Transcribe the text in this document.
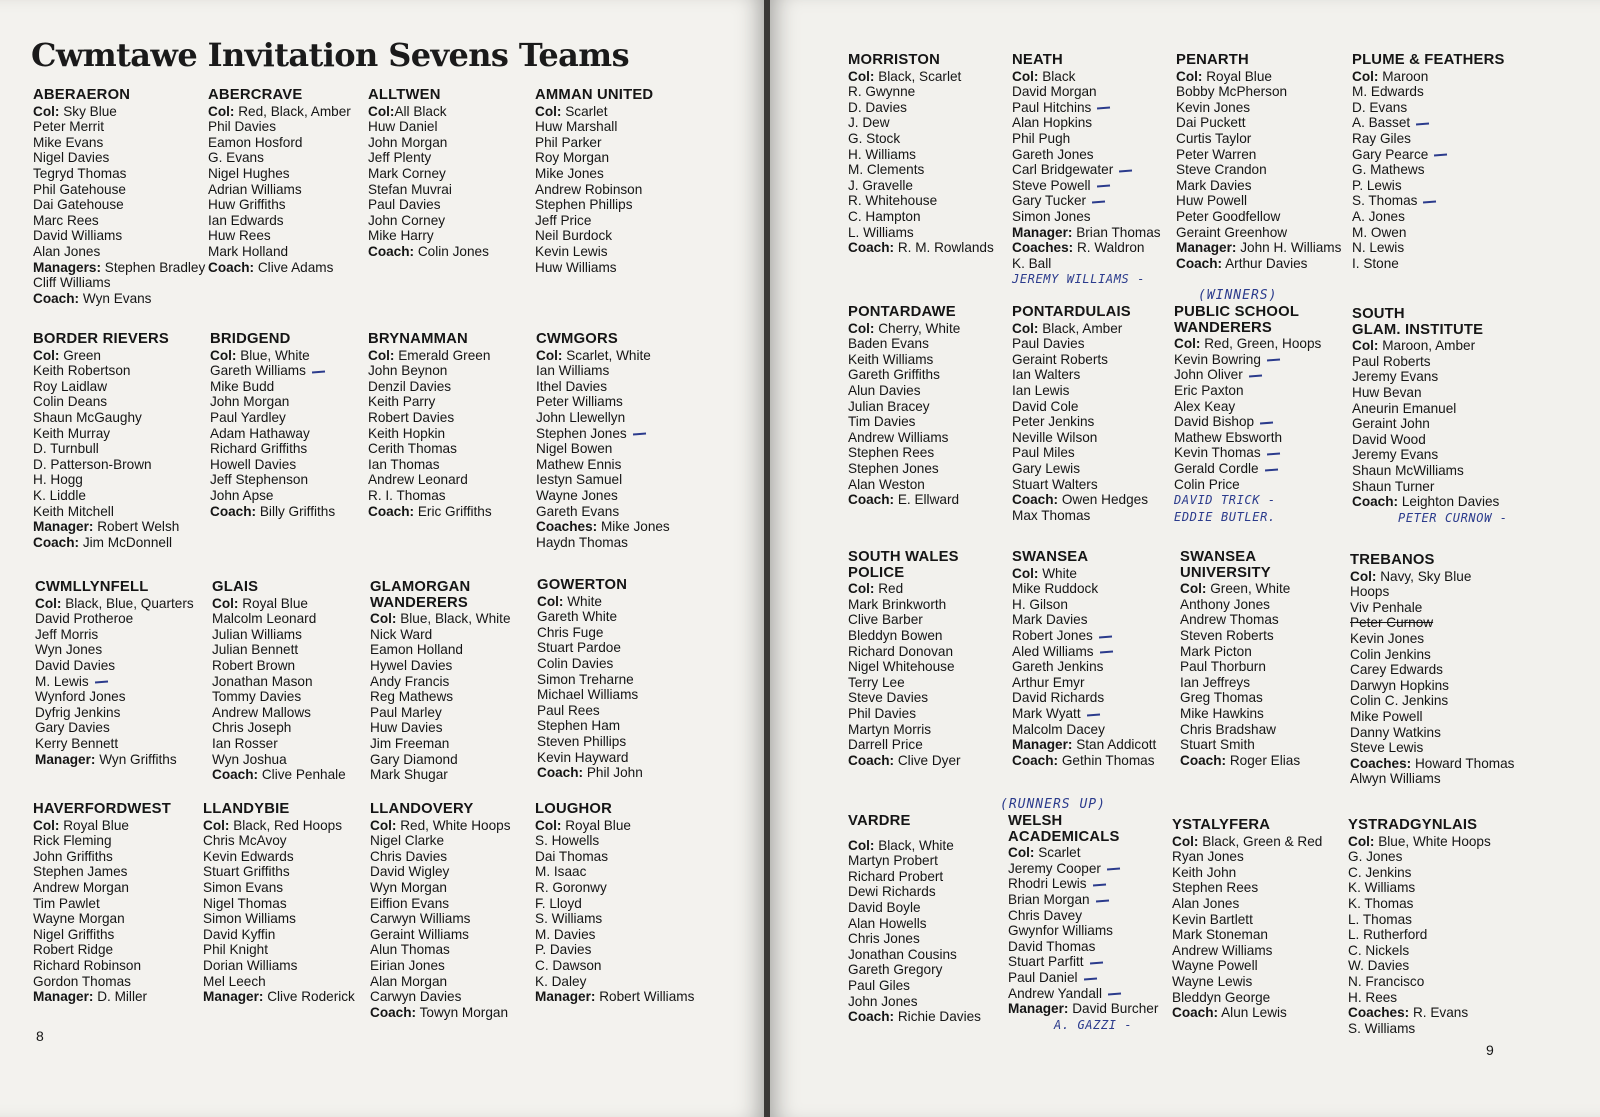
Cwmtawe Invitation Sevens Teams
ABERAERON
Col: Sky Blue
Peter Merrit
Mike Evans
Nigel Davies
Tegryd Thomas
Phil Gatehouse
Dai Gatehouse
Marc Rees
David Williams
Alan Jones
Managers: Stephen Bradley
Cliff Williams
Coach: Wyn Evans
ABERCRAVE
Col: Red, Black, Amber
Phil Davies
Eamon Hosford
G. Evans
Nigel Hughes
Adrian Williams
Huw Griffiths
Ian Edwards
Huw Rees
Mark Holland
Coach: Clive Adams
ALLTWEN
Col:All Black
Huw Daniel
John Morgan
Jeff Plenty
Mark Corney
Stefan Muvrai
Paul Davies
John Corney
Mike Harry
Coach: Colin Jones
AMMAN UNITED
Col: Scarlet
Huw Marshall
Phil Parker
Roy Morgan
Mike Jones
Andrew Robinson
Stephen Phillips
Jeff Price
Neil Burdock
Kevin Lewis
Huw Williams
BORDER RIEVERS
Col: Green
Keith Robertson
Roy Laidlaw
Colin Deans
Shaun McGaughy
Keith Murray
D. Turnbull
D. Patterson-Brown
H. Hogg
K. Liddle
Keith Mitchell
Manager: Robert Welsh
Coach: Jim McDonnell
BRIDGEND
Col: Blue, White
Gareth Williams
Mike Budd
John Morgan
Paul Yardley
Adam Hathaway
Richard Griffiths
Howell Davies
Jeff Stephenson
John Apse
Coach: Billy Griffiths
BRYNAMMAN
Col: Emerald Green
John Beynon
Denzil Davies
Keith Parry
Robert Davies
Keith Hopkin
Cerith Thomas
Ian Thomas
Andrew Leonard
R. I. Thomas
Coach: Eric Griffiths
CWMGORS
Col: Scarlet, White
Ian Williams
Ithel Davies
Peter Williams
John Llewellyn
Stephen Jones
Nigel Bowen
Mathew Ennis
Iestyn Samuel
Wayne Jones
Gareth Evans
Coaches: Mike Jones
Haydn Thomas
CWMLLYNFELL
Col: Black, Blue, Quarters
David Protheroe
Jeff Morris
Wyn Jones
David Davies
M. Lewis
Wynford Jones
Dyfrig Jenkins
Gary Davies
Kerry Bennett
Manager: Wyn Griffiths
GLAIS
Col: Royal Blue
Malcolm Leonard
Julian Williams
Julian Bennett
Robert Brown
Jonathan Mason
Tommy Davies
Andrew Mallows
Chris Joseph
Ian Rosser
Wyn Joshua
Coach: Clive Penhale
GLAMORGAN
WANDERERS
Col: Blue, Black, White
Nick Ward
Eamon Holland
Hywel Davies
Andy Francis
Reg Mathews
Paul Marley
Huw Davies
Jim Freeman
Gary Diamond
Mark Shugar
GOWERTON
Col: White
Gareth White
Chris Fuge
Stuart Pardoe
Colin Davies
Simon Treharne
Michael Williams
Paul Rees
Stephen Ham
Steven Phillips
Kevin Hayward
Coach: Phil John
HAVERFORDWEST
Col: Royal Blue
Rick Fleming
John Griffiths
Stephen James
Andrew Morgan
Tim Pawlet
Wayne Morgan
Nigel Griffiths
Robert Ridge
Richard Robinson
Gordon Thomas
Manager: D. Miller
LLANDYBIE
Col: Black, Red Hoops
Chris McAvoy
Kevin Edwards
Stuart Griffiths
Simon Evans
Nigel Thomas
Simon Williams
David Kyffin
Phil Knight
Dorian Williams
Mel Leech
Manager: Clive Roderick
LLANDOVERY
Col: Red, White Hoops
Nigel Clarke
Chris Davies
David Wigley
Wyn Morgan
Eiffion Evans
Carwyn Williams
Geraint Williams
Alun Thomas
Eirian Jones
Alan Morgan
Carwyn Davies
Coach: Towyn Morgan
LOUGHOR
Col: Royal Blue
S. Howells
Dai Thomas
M. Isaac
R. Goronwy
F. Lloyd
S. Williams
M. Davies
P. Davies
C. Dawson
K. Daley
Manager: Robert Williams
8
MORRISTON
Col: Black, Scarlet
R. Gwynne
D. Davies
J. Dew
G. Stock
H. Williams
M. Clements
J. Gravelle
R. Whitehouse
C. Hampton
L. Williams
Coach: R. M. Rowlands
NEATH
Col: Black
David Morgan
Paul Hitchins
Alan Hopkins
Phil Pugh
Gareth Jones
Carl Bridgewater
Steve Powell
Gary Tucker
Simon Jones
Manager: Brian Thomas
Coaches: R. Waldron
K. Ball
JEREMY WILLIAMS -
PENARTH
Col: Royal Blue
Bobby McPherson
Kevin Jones
Dai Puckett
Curtis Taylor
Peter Warren
Steve Crandon
Mark Davies
Huw Powell
Peter Goodfellow
Geraint Greenhow
Manager: John H. Williams
Coach: Arthur Davies
PLUME & FEATHERS
Col: Maroon
M. Edwards
D. Evans
A. Basset
Ray Giles
Gary Pearce
G. Mathews
P. Lewis
S. Thomas
A. Jones
M. Owen
N. Lewis
I. Stone
(WINNERS)
PONTARDAWE
Col: Cherry, White
Baden Evans
Keith Williams
Gareth Griffiths
Alun Davies
Julian Bracey
Tim Davies
Andrew Williams
Stephen Rees
Stephen Jones
Alan Weston
Coach: E. Ellward
PONTARDULAIS
Col: Black, Amber
Paul Davies
Geraint Roberts
Ian Walters
Ian Lewis
David Cole
Peter Jenkins
Neville Wilson
Paul Miles
Gary Lewis
Stuart Walters
Coach: Owen Hedges
Max Thomas
PUBLIC SCHOOL
WANDERERS
Col: Red, Green, Hoops
Kevin Bowring
John Oliver
Eric Paxton
Alex Keay
David Bishop
Mathew Ebsworth
Kevin Thomas
Gerald Cordle
Colin Price
DAVID TRICK -
EDDIE BUTLER.
SOUTH
GLAM. INSTITUTE
Col: Maroon, Amber
Paul Roberts
Jeremy Evans
Huw Bevan
Aneurin Emanuel
Geraint John
David Wood
Jeremy Evans
Shaun McWilliams
Shaun Turner
Coach: Leighton Davies
PETER CURNOW -
SOUTH WALES
POLICE
Col: Red
Mark Brinkworth
Clive Barber
Bleddyn Bowen
Richard Donovan
Nigel Whitehouse
Terry Lee
Steve Davies
Phil Davies
Martyn Morris
Darrell Price
Coach: Clive Dyer
SWANSEA
Col: White
Mike Ruddock
H. Gilson
Mark Davies
Robert Jones
Aled Williams
Gareth Jenkins
Arthur Emyr
David Richards
Mark Wyatt
Malcolm Dacey
Manager: Stan Addicott
Coach: Gethin Thomas
SWANSEA
UNIVERSITY
Col: Green, White
Anthony Jones
Andrew Thomas
Steven Roberts
Mark Picton
Paul Thorburn
Ian Jeffreys
Greg Thomas
Mike Hawkins
Chris Bradshaw
Stuart Smith
Coach: Roger Elias
TREBANOS
Col: Navy, Sky Blue
Hoops
Viv Penhale
Peter Curnow
Kevin Jones
Colin Jenkins
Carey Edwards
Darwyn Hopkins
Colin C. Jenkins
Mike Powell
Danny Watkins
Steve Lewis
Coaches: Howard Thomas
Alwyn Williams
(RUNNERS UP)
VARDRE
Col: Black, White
Martyn Probert
Richard Probert
Dewi Richards
David Boyle
Alan Howells
Chris Jones
Jonathan Cousins
Gareth Gregory
Paul Giles
John Jones
Coach: Richie Davies
WELSH
ACADEMICALS
Col: Scarlet
Jeremy Cooper
Rhodri Lewis
Brian Morgan
Chris Davey
Gwynfor Williams
David Thomas
Stuart Parfitt
Paul Daniel
Andrew Yandall
Manager: David Burcher
A. GAZZI -
YSTALYFERA
Col: Black, Green & Red
Ryan Jones
Keith John
Stephen Rees
Alan Jones
Kevin Bartlett
Mark Stoneman
Andrew Williams
Wayne Powell
Wayne Lewis
Bleddyn George
Coach: Alun Lewis
YSTRADGYNLAIS
Col: Blue, White Hoops
G. Jones
C. Jenkins
K. Williams
K. Thomas
L. Thomas
L. Rutherford
C. Nickels
W. Davies
N. Francisco
H. Rees
Coaches: R. Evans
S. Williams
9
